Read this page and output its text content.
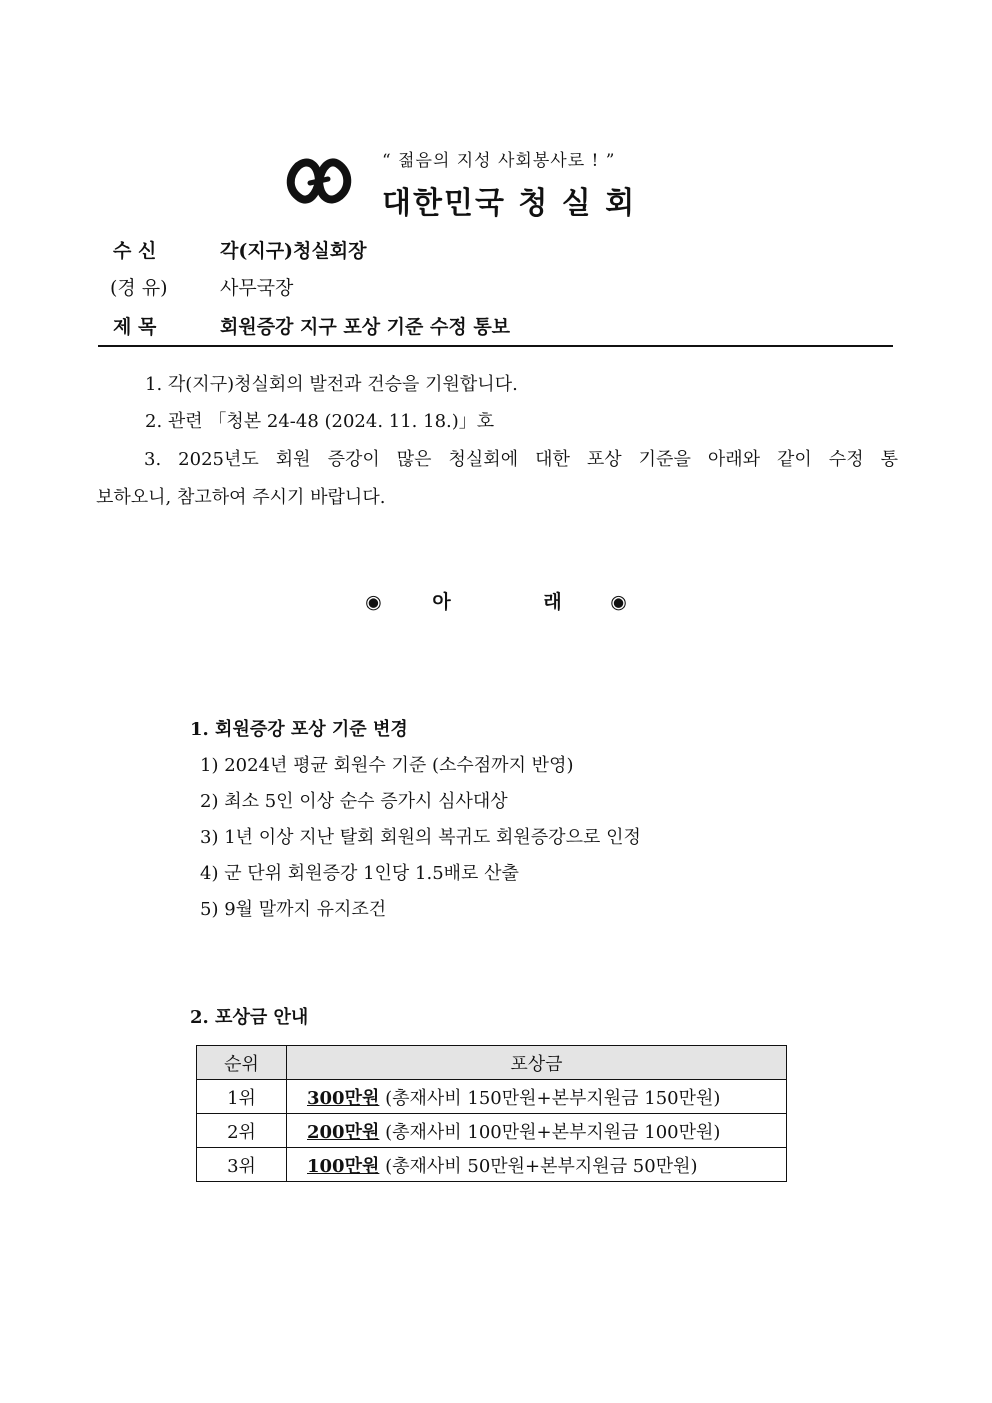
“ 젊음의 지성 사회봉사로 ! ”
대한민국 청 실 회
수 신	각(지구)청실회장
(경 유)	사무국장
제 목	회원증강 지구 포상 기준 수정 통보
1. 각(지구)청실회의 발전과 건승을 기원합니다.
2. 관련 「청본 24-48 (2024. 11. 18.)」호
3. 2025년도 회원 증강이 많은 청실회에 대한 포상 기준을 아래와 같이 수정 통
보하오니, 참고하여 주시기 바랍니다.
◉	아	래	◉
1. 회원증강 포상 기준 변경
1) 2024년 평균 회원수 기준 (소수점까지 반영)
2) 최소 5인 이상 순수 증가시 심사대상
3) 1년 이상 지난 탈회 회원의 복귀도 회원증강으로 인정
4) 군 단위 회원증강 1인당 1.5배로 산출
5) 9월 말까지 유지조건
2. 포상금 안내
순위	포상금
1위	300만원 (총재사비 150만원+본부지원금 150만원)
2위	200만원 (총재사비 100만원+본부지원금 100만원)
3위	100만원 (총재사비 50만원+본부지원금 50만원)
